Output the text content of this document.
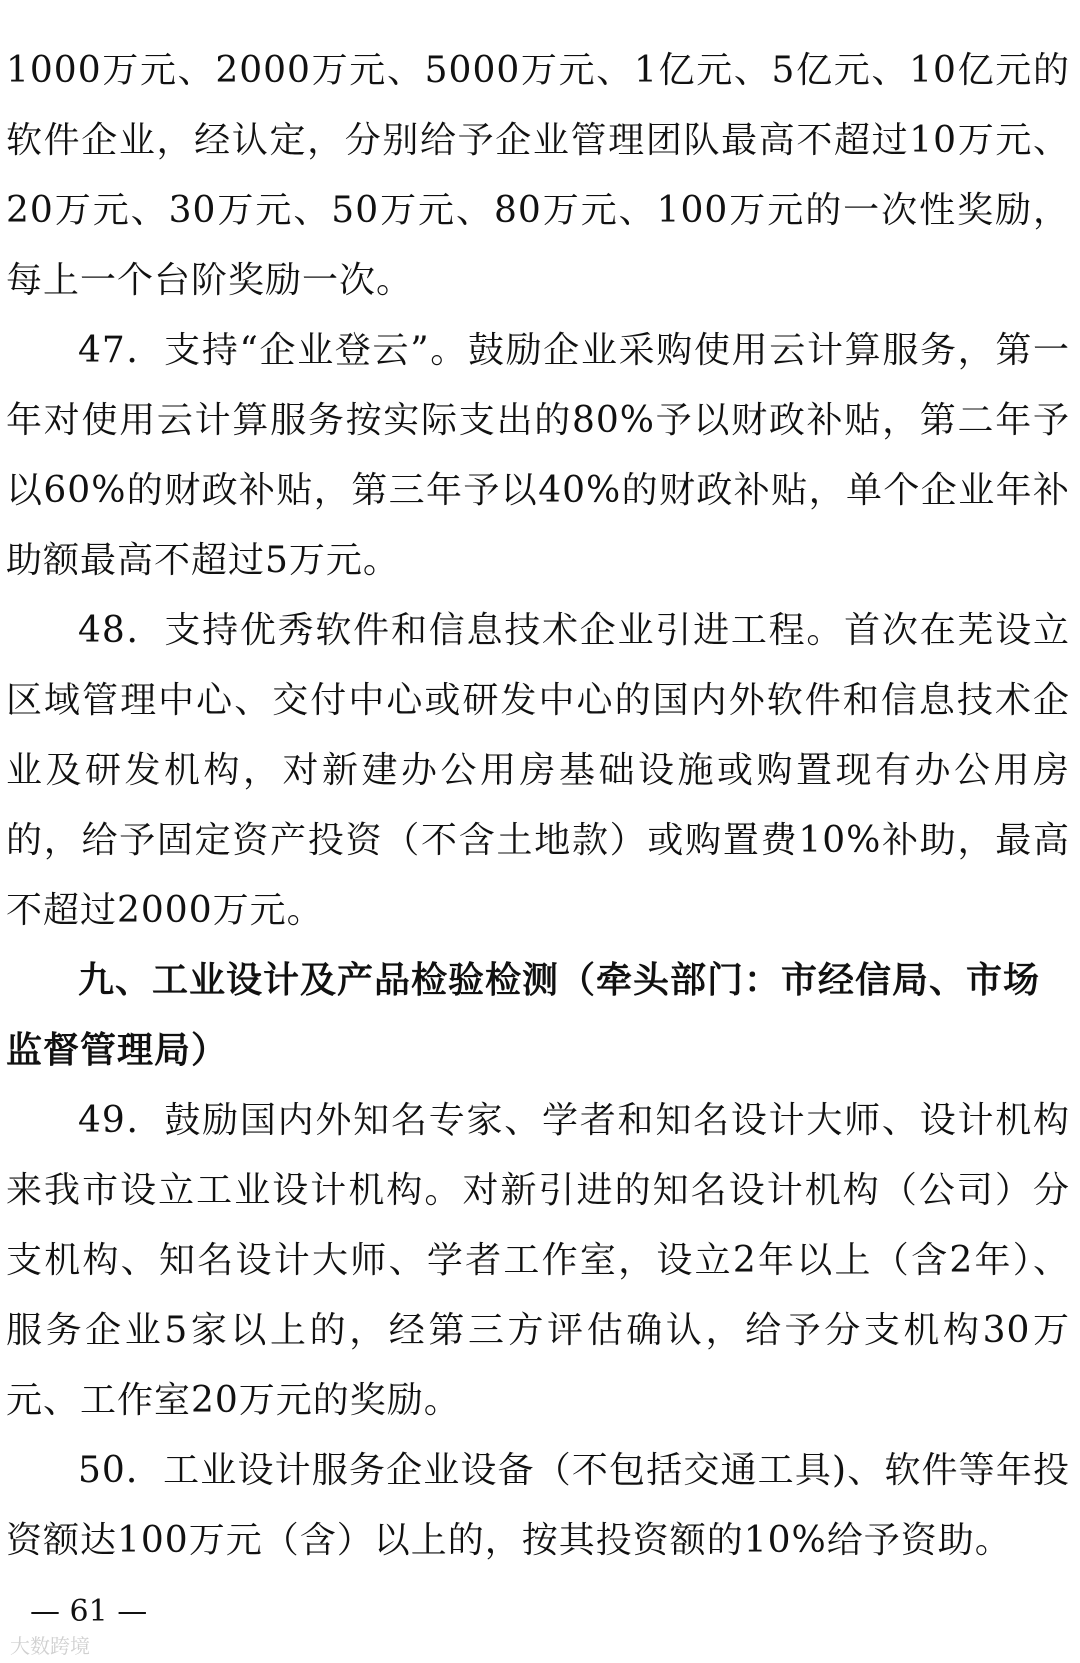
1000万元、2000万元、5000万元、1亿元、5亿元、10亿元的软件企业，经认定，分别给予企业管理团队最高不超过10万元、20万元、30万元、50万元、80万元、100万元的一次性奖励，每上一个台阶奖励一次。

47．支持“企业登云”。鼓励企业采购使用云计算服务，第一年对使用云计算服务按实际支出的80%予以财政补贴，第二年予以60%的财政补贴，第三年予以40%的财政补贴，单个企业年补助额最高不超过5万元。

48．支持优秀软件和信息技术企业引进工程。首次在芜设立区域管理中心、交付中心或研发中心的国内外软件和信息技术企业及研发机构，对新建办公用房基础设施或购置现有办公用房的，给予固定资产投资（不含土地款）或购置费10%补助，最高不超过2000万元。

九、工业设计及产品检验检测（牵头部门：市经信局、市场监督管理局）

49．鼓励国内外知名专家、学者和知名设计大师、设计机构来我市设立工业设计机构。对新引进的知名设计机构（公司）分支机构、知名设计大师、学者工作室，设立2年以上（含2年）、服务企业5家以上的，经第三方评估确认，给予分支机构30万元、工作室20万元的奖励。

50．工业设计服务企业设备（不包括交通工具)、软件等年投资额达100万元（含）以上的，按其投资额的10%给予资助。

— 61 —
大数跨境
